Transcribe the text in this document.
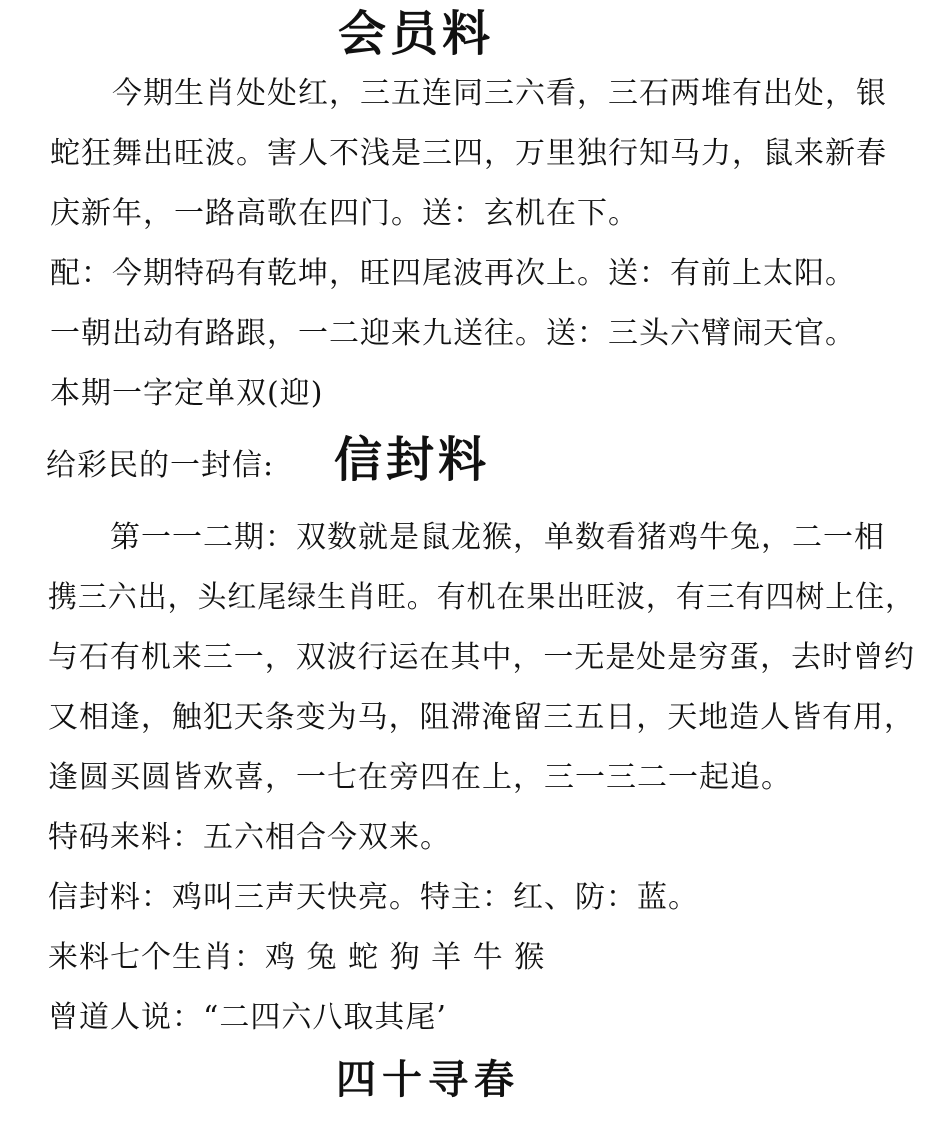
会员料

今期生肖处处红，三五连同三六看，三石两堆有出处，银

蛇狂舞出旺波。害人不浅是三四，万里独行知马力，鼠来新春

庆新年，一路高歌在四门。送：玄机在下。

配：今期特码有乾坤，旺四尾波再次上。送：有前上太阳。

一朝出动有路跟，一二迎来九送往。送：三头六臂闹天官。

本期一字定单双(迎)

给彩民的一封信: 信封料

第一一二期：双数就是鼠龙猴，单数看猪鸡牛兔，二一相

携三六出，头红尾绿生肖旺。有机在果出旺波，有三有四树上住，

与石有机来三一，双波行运在其中，一无是处是穷蛋，去时曾约

又相逢，触犯天条变为马，阻滞淹留三五日，天地造人皆有用，

逢圆买圆皆欢喜，一七在旁四在上，三一三二一起追。

特码来料：五六相合今双来。

信封料：鸡叫三声天快亮。特主：红、防：蓝。

来料七个生肖：鸡 兔 蛇 狗 羊 牛 猴

曾道人说：“二四六八取其尾’

四十寻春
